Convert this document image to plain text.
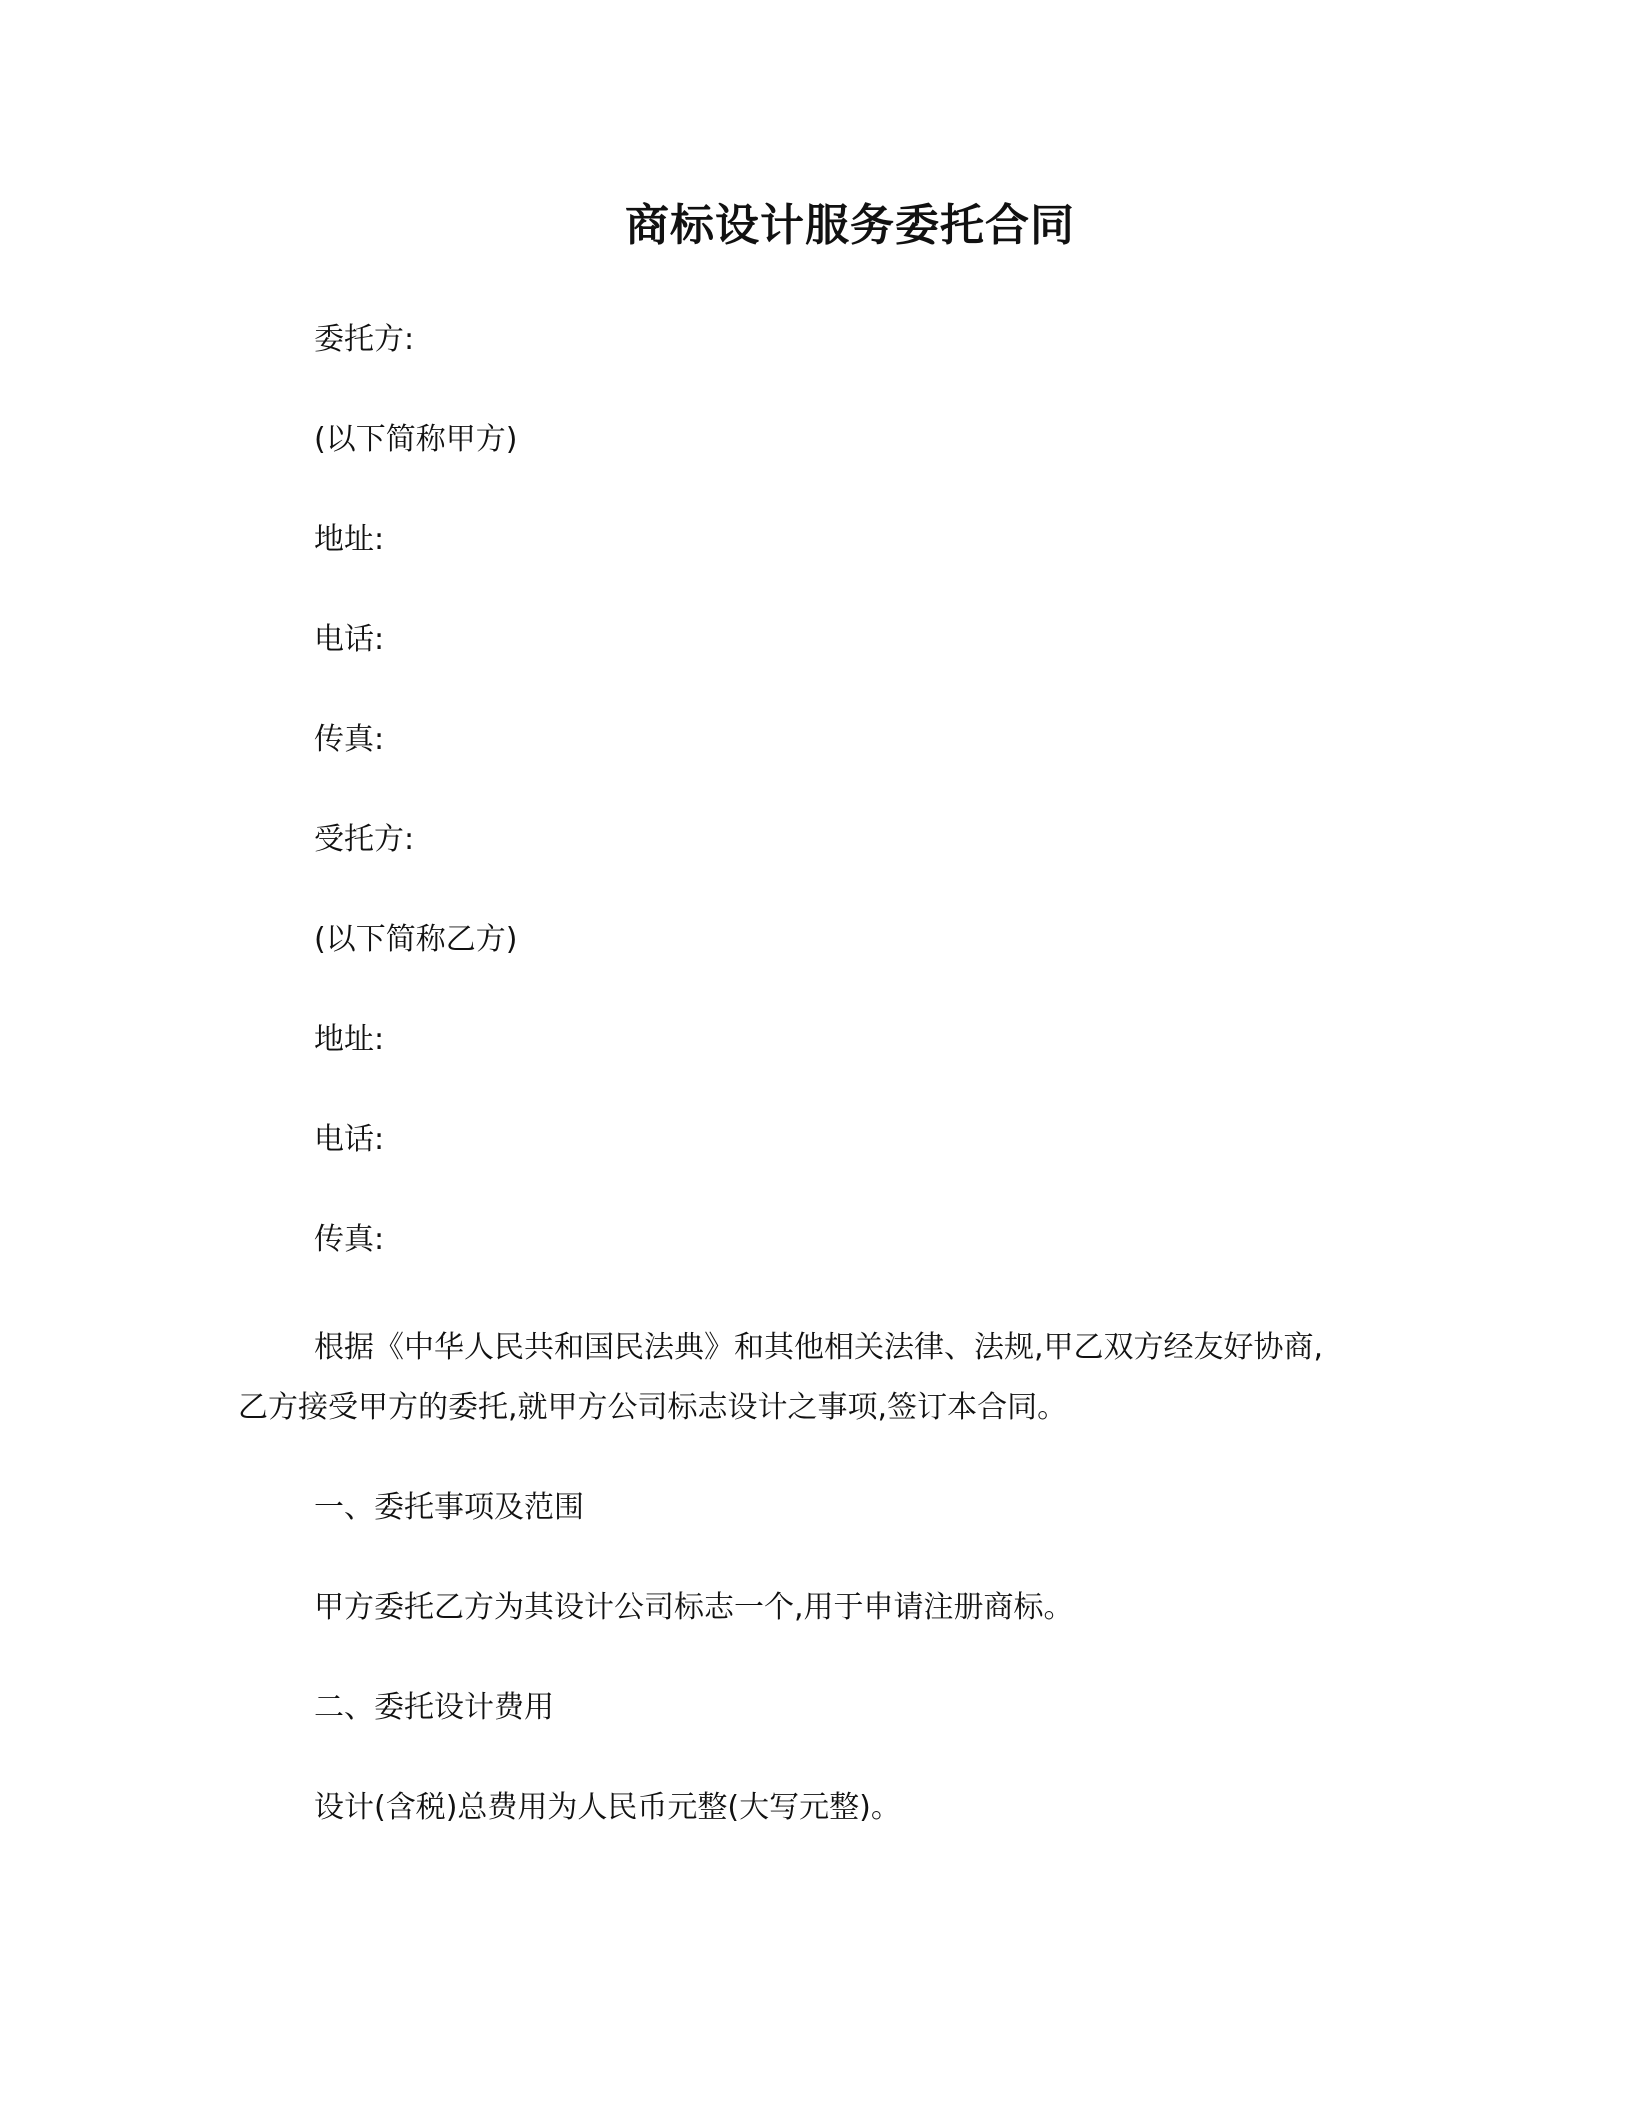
商标设计服务委托合同
委托方:
(以下简称甲方)
地址:
电话:
传真:
受托方:
(以下简称乙方)
地址:
电话:
传真:
根据《中华人民共和国民法典》和其他相关法律、法规,甲乙双方经友好协商,
乙方接受甲方的委托,就甲方公司标志设计之事项,签订本合同。
一、委托事项及范围
甲方委托乙方为其设计公司标志一个,用于申请注册商标。
二、委托设计费用
设计(含税)总费用为人民币元整(大写元整)。
